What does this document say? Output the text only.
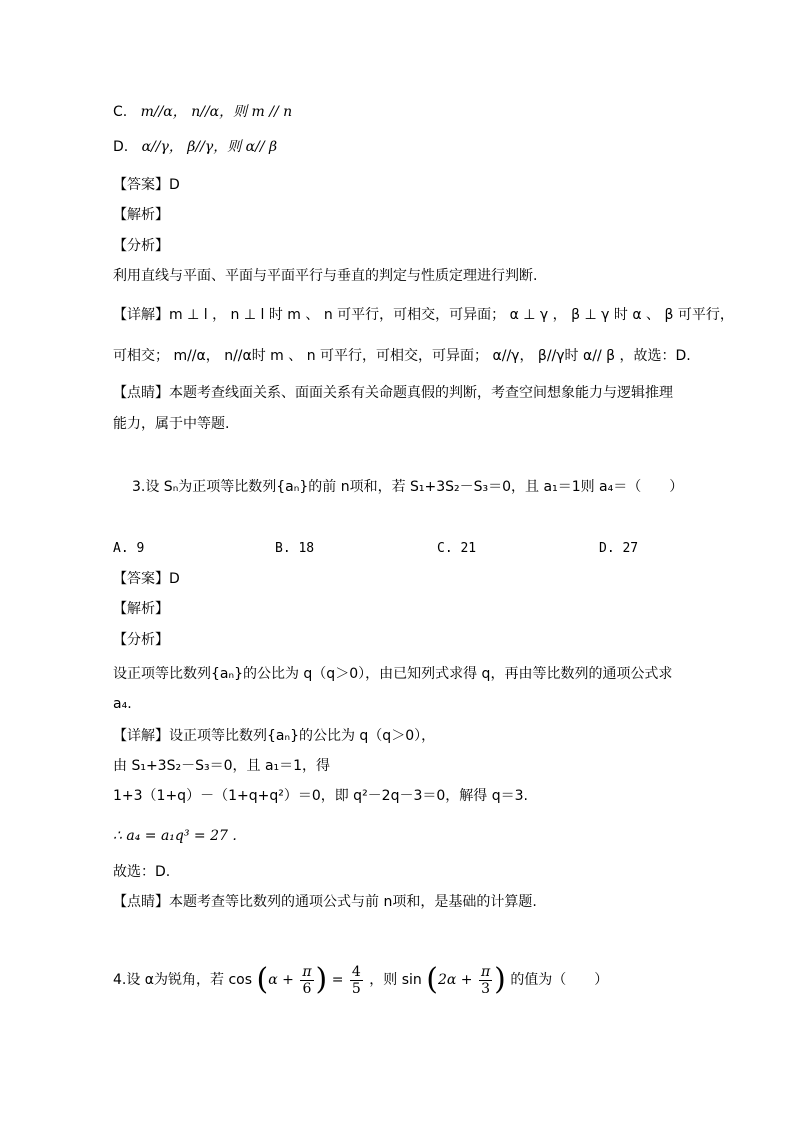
C. m//α， n//α，则 m // n
D. α//γ， β//γ，则 α// β
【答案】D
【解析】
【分析】
利用直线与平面、平面与平面平行与垂直的判定与性质定理进行判断.
【详解】m ⊥ l ， n ⊥ l 时 m 、 n 可平行，可相交，可异面； α ⊥ γ ， β ⊥ γ 时 α 、 β 可平行，
可相交； m//α， n//α时 m 、 n 可平行，可相交，可异面； α//γ， β//γ时 α// β ，故选：D.
【点睛】本题考查线面关系、面面关系有关命题真假的判断，考查空间想象能力与逻辑推理
能力，属于中等题.
3.设 Sₙ为正项等比数列{aₙ}的前 n项和，若 S₁+3S₂－S₃＝0，且 a₁＝1则 a₄＝（　　）
A. 9	B. 18	C. 21	D. 27
【答案】D
【解析】
【分析】
设正项等比数列{aₙ}的公比为 q（q＞0），由已知列式求得 q，再由等比数列的通项公式求
a₄.
【详解】设正项等比数列{aₙ}的公比为 q（q＞0），
由 S₁+3S₂－S₃＝0，且 a₁＝1，得
1+3（1+q）－（1+q+q²）＝0，即 q²－2q－3＝0，解得 q＝3.
∴ a₄ = a₁q³ = 27 .
故选：D.
【点睛】本题考查等比数列的通项公式与前 n项和，是基础的计算题.
4.设 α为锐角，若 $\cos (\alpha + \frac{\pi}{6}$ ) = $\frac{4}{5}$ ，则 $\sin (2\alpha + \frac{\pi}{3}$ ) 的值为（　　）
